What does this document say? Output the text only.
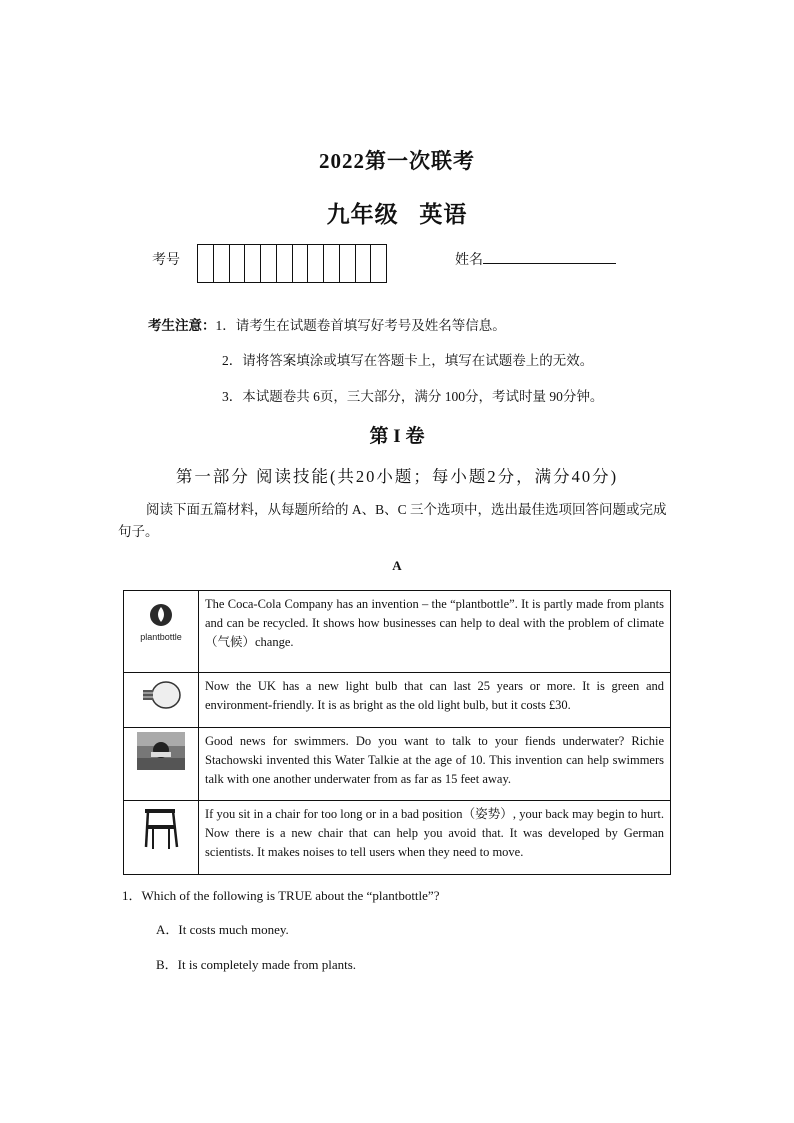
2022第一次联考
九年级 英语
考号	姓名
考生注意：1．请考生在试题卷首填写好考号及姓名等信息。
2．请将答案填涂或填写在答题卡上，填写在试题卷上的无效。
3．本试题卷共 6页，三大部分，满分 100分，考试时量 90分钟。
第 I 卷
第一部分 阅读技能(共20小题；每小题2分，满分40分)
阅读下面五篇材料，从每题所给的 A、B、C 三个选项中，选出最佳选项回答问题或完成句子。
A
plantbottle	The Coca-Cola Company has an invention – the “plantbottle”. It is partly made from plants and can be recycled. It shows how businesses can help to deal with the problem of climate（气候）change.

	Now the UK has a new light bulb that can last 25 years or more. It is green and environment-friendly. It is as bright as the old light bulb, but it costs £30.

	Good news for swimmers. Do you want to talk to your fiends underwater? Richie Stachowski invented this Water Talkie at the age of 10. This invention can help swimmers talk with one another underwater from as far as 15 feet away.

	If you sit in a chair for too long or in a bad position（姿势）, your back may begin to hurt. Now there is a new chair that can help you avoid that. It was developed by German scientists. It makes noises to tell users when they need to move.
1．Which of the following is TRUE about the “plantbottle”?
A．It costs much money.
B．It is completely made from plants.
